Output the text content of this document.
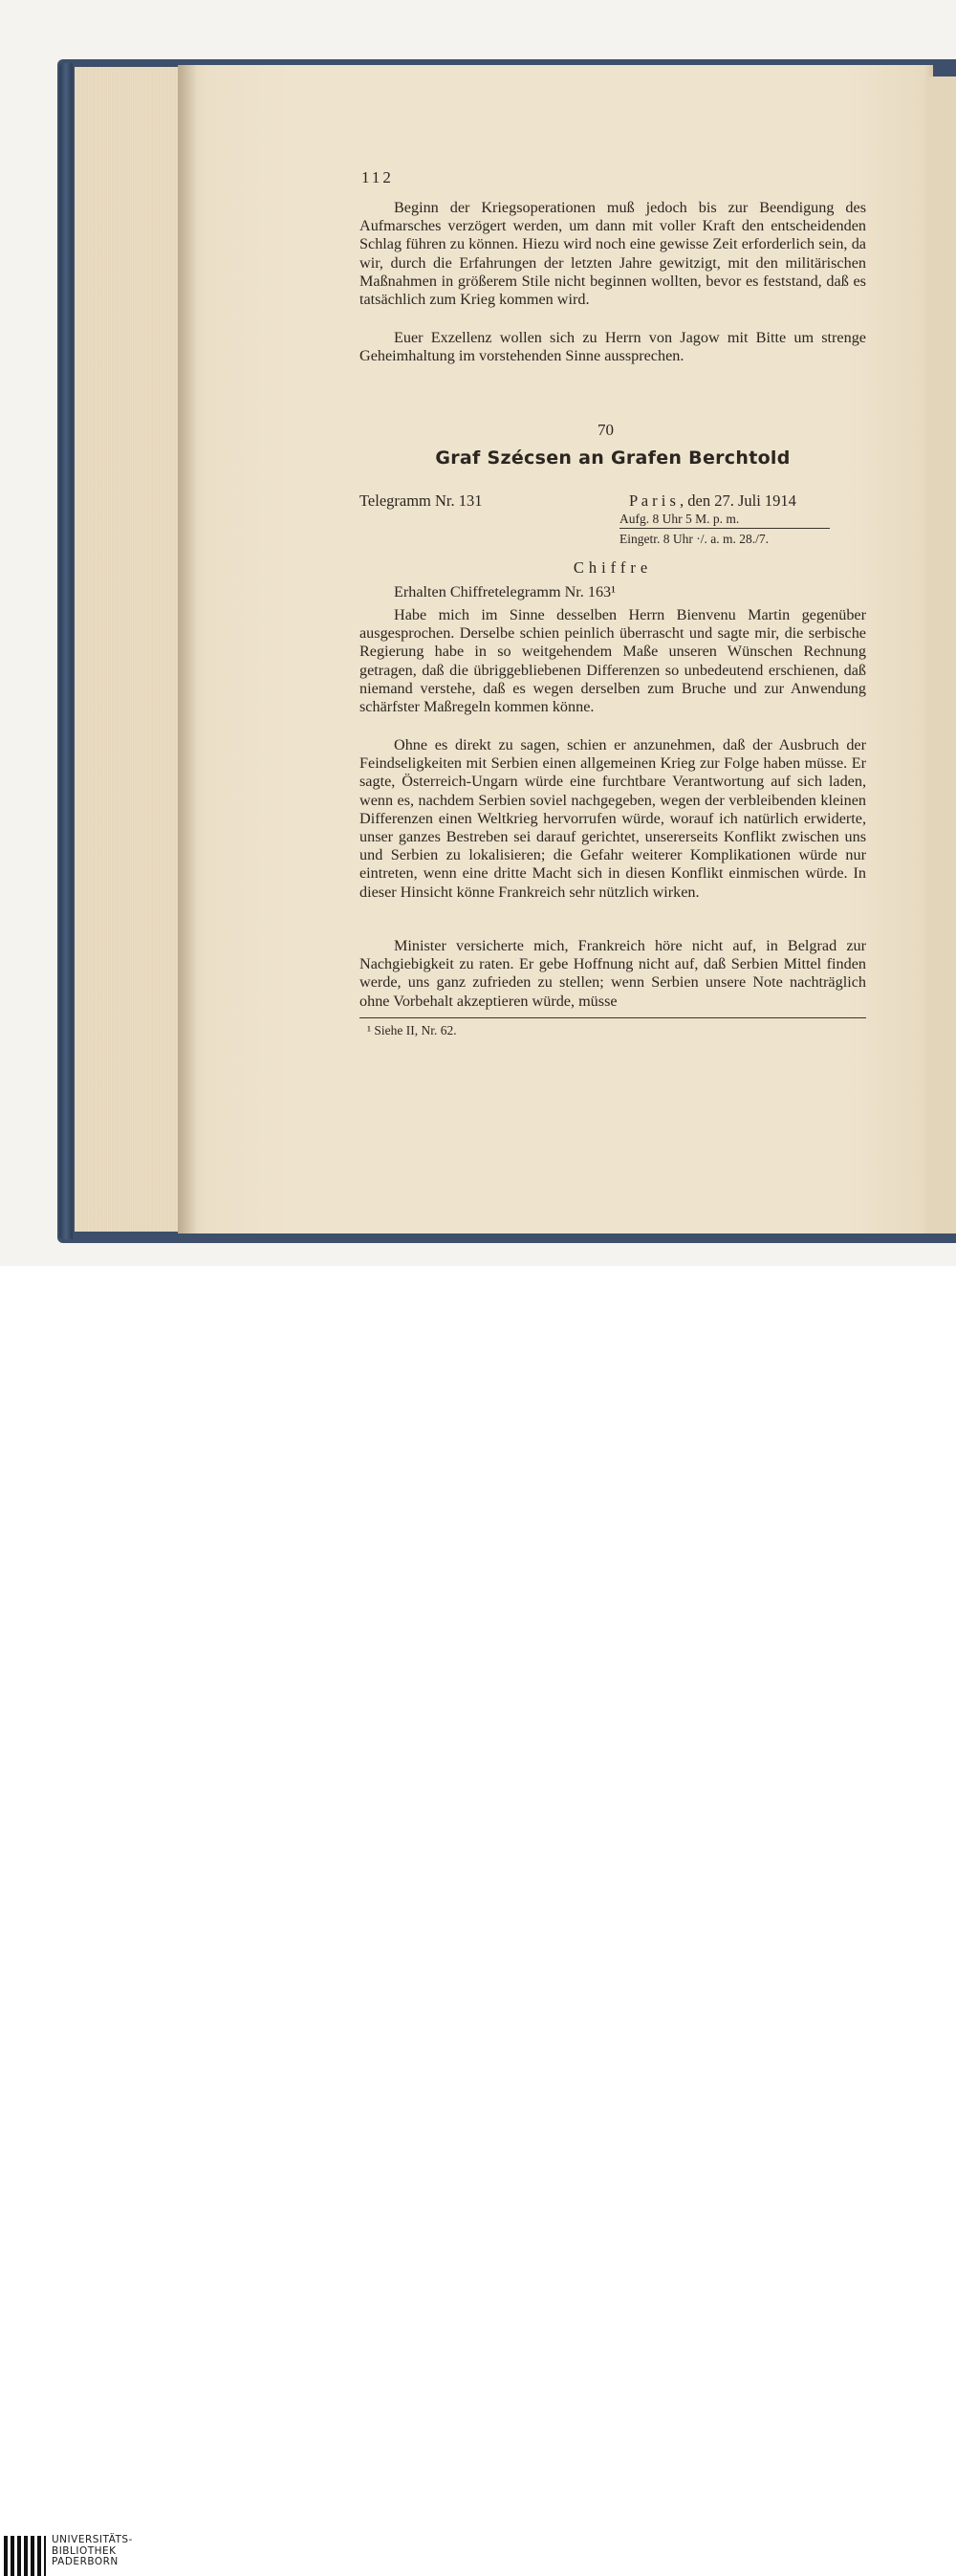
112

Beginn der Kriegsoperationen muß jedoch bis zur Beendigung des Aufmarsches verzögert werden, um dann mit voller Kraft den entscheidenden Schlag führen zu können. Hiezu wird noch eine gewisse Zeit erforderlich sein, da wir, durch die Erfahrungen der letzten Jahre gewitzigt, mit den militärischen Maßnahmen in größerem Stile nicht beginnen wollten, bevor es feststand, daß es tatsächlich zum Krieg kommen wird.

Euer Exzellenz wollen sich zu Herrn von Jagow mit Bitte um strenge Geheimhaltung im vorstehenden Sinne aussprechen.

70
Graf Szécsen an Grafen Berchtold
Telegramm Nr. 131	P a r i s , den 27. Juli 1914
Aufg. 8 Uhr 5 M. p. m.
Eingetr. 8 Uhr ·/. a. m. 28./7.
Chiffre

Erhalten Chiffretelegramm Nr. 163¹

Habe mich im Sinne desselben Herrn Bienvenu Martin gegenüber ausgesprochen. Derselbe schien peinlich überrascht und sagte mir, die serbische Regierung habe in so weitgehendem Maße unseren Wünschen Rechnung getragen, daß die übriggebliebenen Differenzen so unbedeutend erschienen, daß niemand verstehe, daß es wegen derselben zum Bruche und zur Anwendung schärfster Maßregeln kommen könne.

Ohne es direkt zu sagen, schien er anzunehmen, daß der Ausbruch der Feindseligkeiten mit Serbien einen allgemeinen Krieg zur Folge haben müsse. Er sagte, Österreich-Ungarn würde eine furchtbare Verantwortung auf sich laden, wenn es, nachdem Serbien soviel nachgegeben, wegen der verbleibenden kleinen Differenzen einen Weltkrieg hervorrufen würde, worauf ich natürlich erwiderte, unser ganzes Bestreben sei darauf gerichtet, unsererseits Konflikt zwischen uns und Serbien zu lokalisieren; die Gefahr weiterer Komplikationen würde nur eintreten, wenn eine dritte Macht sich in diesen Konflikt einmischen würde. In dieser Hinsicht könne Frankreich sehr nützlich wirken.

Minister versicherte mich, Frankreich höre nicht auf, in Belgrad zur Nachgiebigkeit zu raten. Er gebe Hoffnung nicht auf, daß Serbien Mittel finden werde, uns ganz zufrieden zu stellen; wenn Serbien unsere Note nachträglich ohne Vorbehalt akzeptieren würde, müsse

¹ Siehe II, Nr. 62.
UNIVERSITÄTS-
BIBLIOTHEK
PADERBORN
